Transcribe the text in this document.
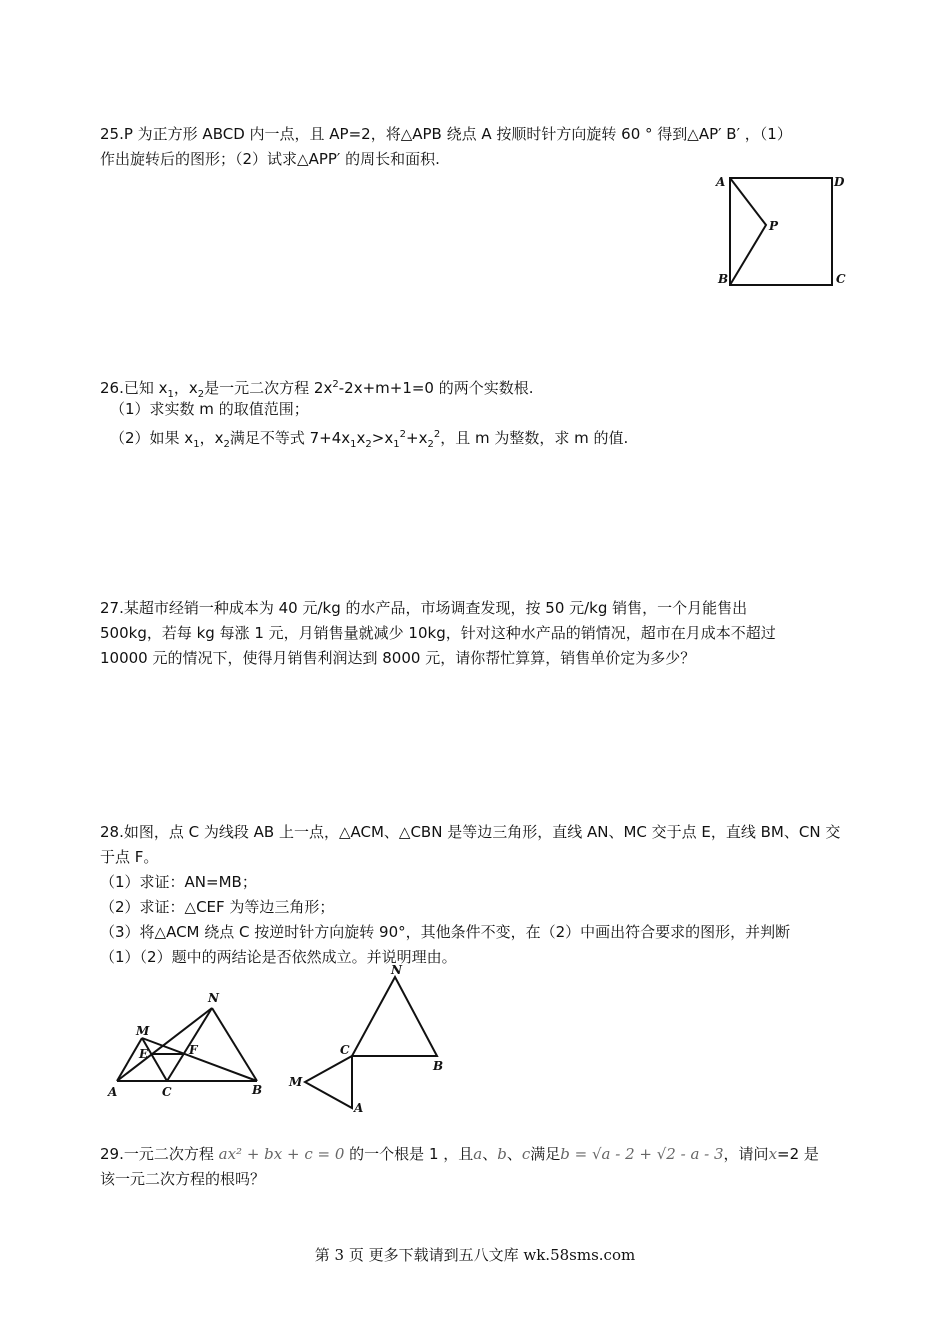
25.P 为正方形 ABCD 内一点，且 AP=2，将△APB 绕点 A 按顺时针方向旋转 60 ° 得到△AP′ B′ ，（1）

作出旋转后的图形；（2）试求△APP′ 的周长和面积.

A	D
P
B	C

26.已知 $x_1$，$x_2$是一元二次方程 $2x^2-2x+m+1=0$ 的两个实数根.

（1）求实数 m 的取值范围；

（2）如果 $x_1$，$x_2$满足不等式 $7+4x_1x_2>x_1^2+x_2^2$，且 m 为整数，求 m 的值.

27.某超市经销一种成本为 40 元/kg 的水产品，市场调查发现，按 50 元/kg 销售，一个月能售出

500kg，若每 kg 每涨 1 元，月销售量就减少 10kg，针对这种水产品的销情况，超市在月成本不超过

10000 元的情况下，使得月销售利润达到 8000 元，请你帮忙算算，销售单价定为多少？

28.如图，点 C 为线段 AB 上一点，△ACM、△CBN 是等边三角形，直线 AN、MC 交于点 E，直线 BM、CN 交

于点 F。

（1）求证：AN=MB；

（2）求证：△CEF 为等边三角形；

（3）将△ACM 绕点 C 按逆时针方向旋转 90°，其他条件不变，在（2）中画出符合要求的图形，并判断

（1）（2）题中的两结论是否依然成立。并说明理由。

A	C	B
M
E	F
N
N
C
B
M
A

29.一元二次方程 ax² + bx + c = 0 的一个根是 1 ，且a、b、c满足b = √a - 2 + √2 - a - 3，请问x=2 是

该一元二次方程的根吗？

第 3 页 更多下载请到五八文库 wk.58sms.com
